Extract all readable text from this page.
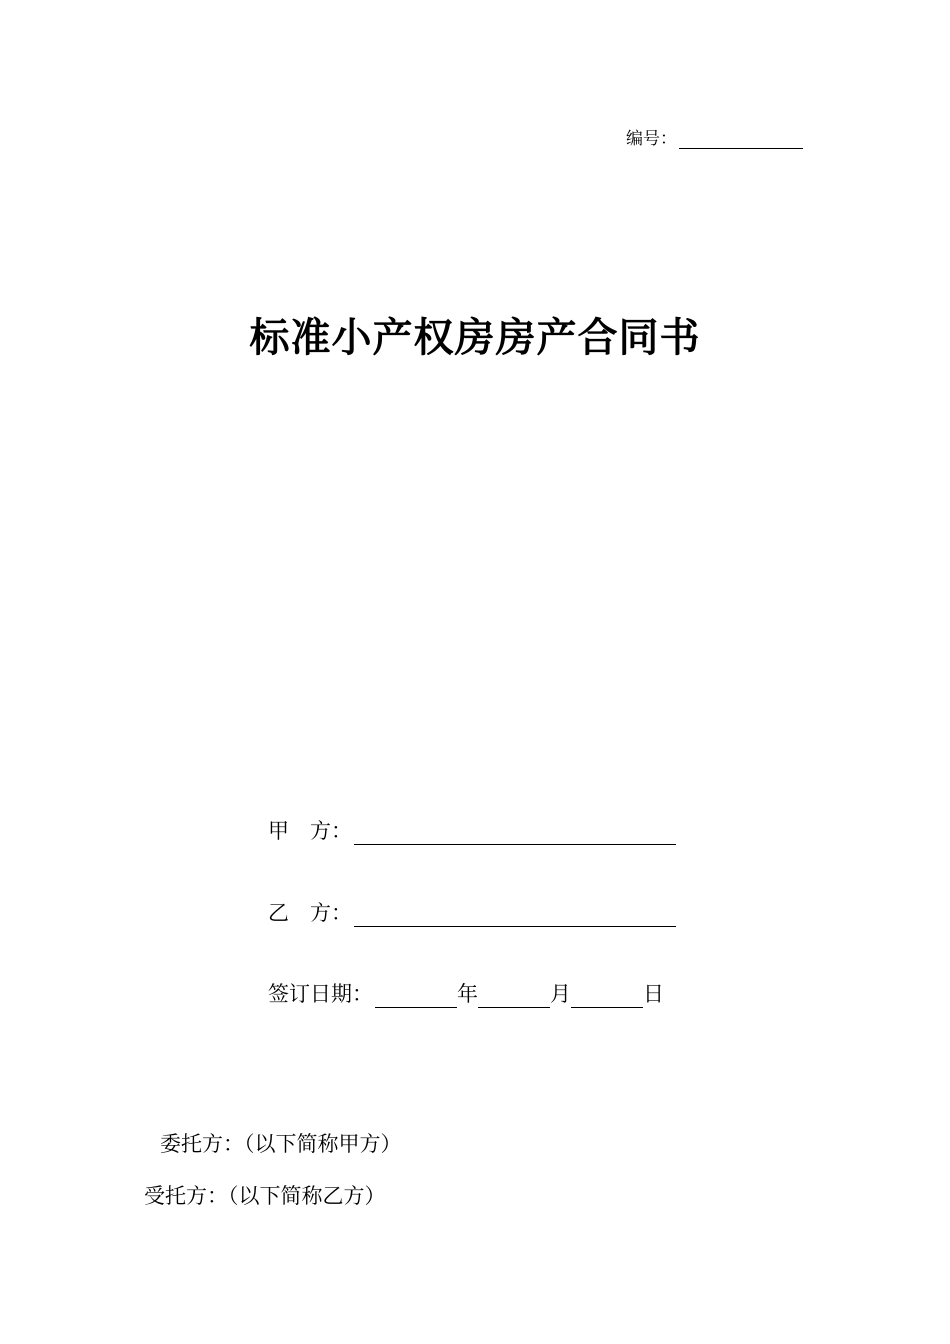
编号：
标准小产权房房产合同书
甲　方：
乙　方：
签订日期：	年	月	日
委托方：（以下简称甲方）
受托方：（以下简称乙方）
